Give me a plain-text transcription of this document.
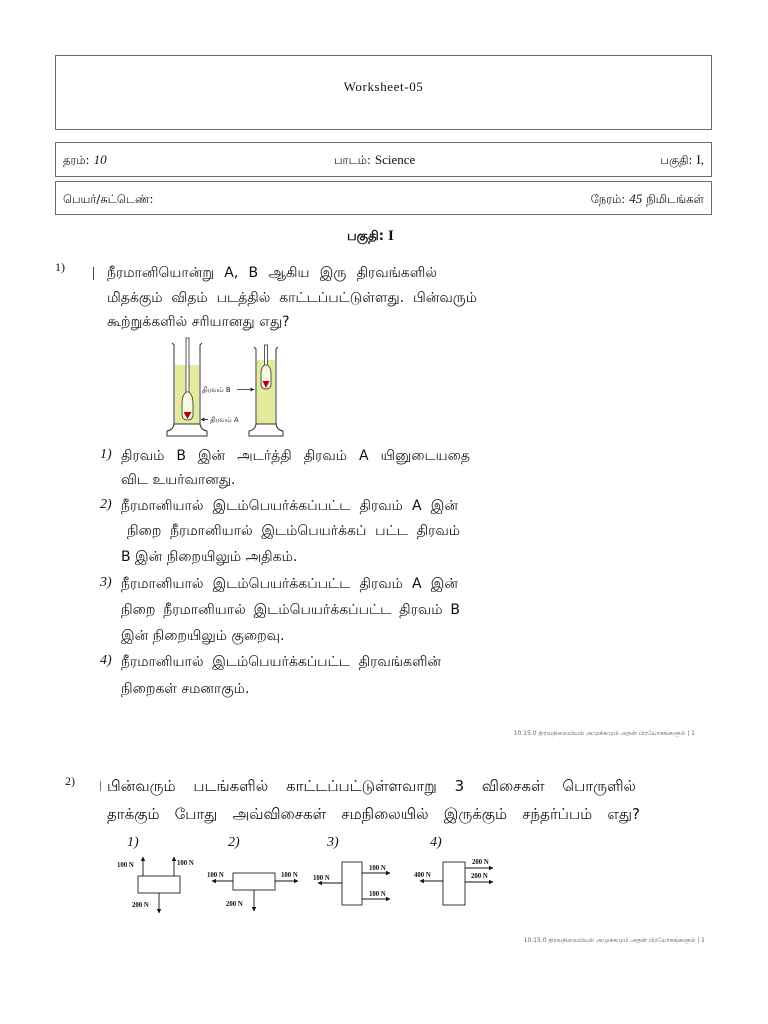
Worksheet-05
தரம்: 10	பாடம்: Science	பகுதி: I,
பெயர்/சுட்டெண்:	நேரம்: 45 நிமிடங்கள்
பகுதி: I
1)	நீரமானியொன்று A, B ஆகிய இரு திரவங்களில்
மிதக்கும் விதம் படத்தில் காட்டப்பட்டுள்ளது. பின்வரும்
கூற்றுக்களில் சரியானது எது?
திரவம் B
திரவம் A
1) திரவம் B இன் அடர்த்தி திரவம் A யினுடையதை
விட உயர்வானது.
2) நீரமானியால் இடம்பெயர்க்கப்பட்ட திரவம் A இன்
நிறை நீரமானியால் இடம்பெயர்க்கப் பட்ட திரவம்
B இன் நிறையிலும் அதிகம்.
3) நீரமானியால் இடம்பெயர்க்கப்பட்ட திரவம் A இன்
நிறை நீரமானியால் இடம்பெயர்க்கப்பட்ட திரவம் B
இன் நிறையிலும் குறைவு.
4) நீரமானியால் இடம்பெயர்க்கப்பட்ட திரவங்களின்
நிறைகள் சமனாகும்.
10.15.0 திரவநிலையியல் அமுக்கமும் அதன் பிரயோகங்களும் | 1
2) பின்வரும் படங்களில் காட்டப்பட்டுள்ளவாறு 3 விசைகள் பொருளில்
தாக்கும் போது அவ்விசைகள் சமநிலையில் இருக்கும் சந்தர்ப்பம் எது?
1)
100 N	100 N
200 N
2)
100 N	100 N
200 N
3)
100 N
100 N
100 N
4)
400 N
200 N
200 N
10.15.0 திரவநிலையியல் அமுக்கமும் அதன் பிரயோகங்களும் | 1
